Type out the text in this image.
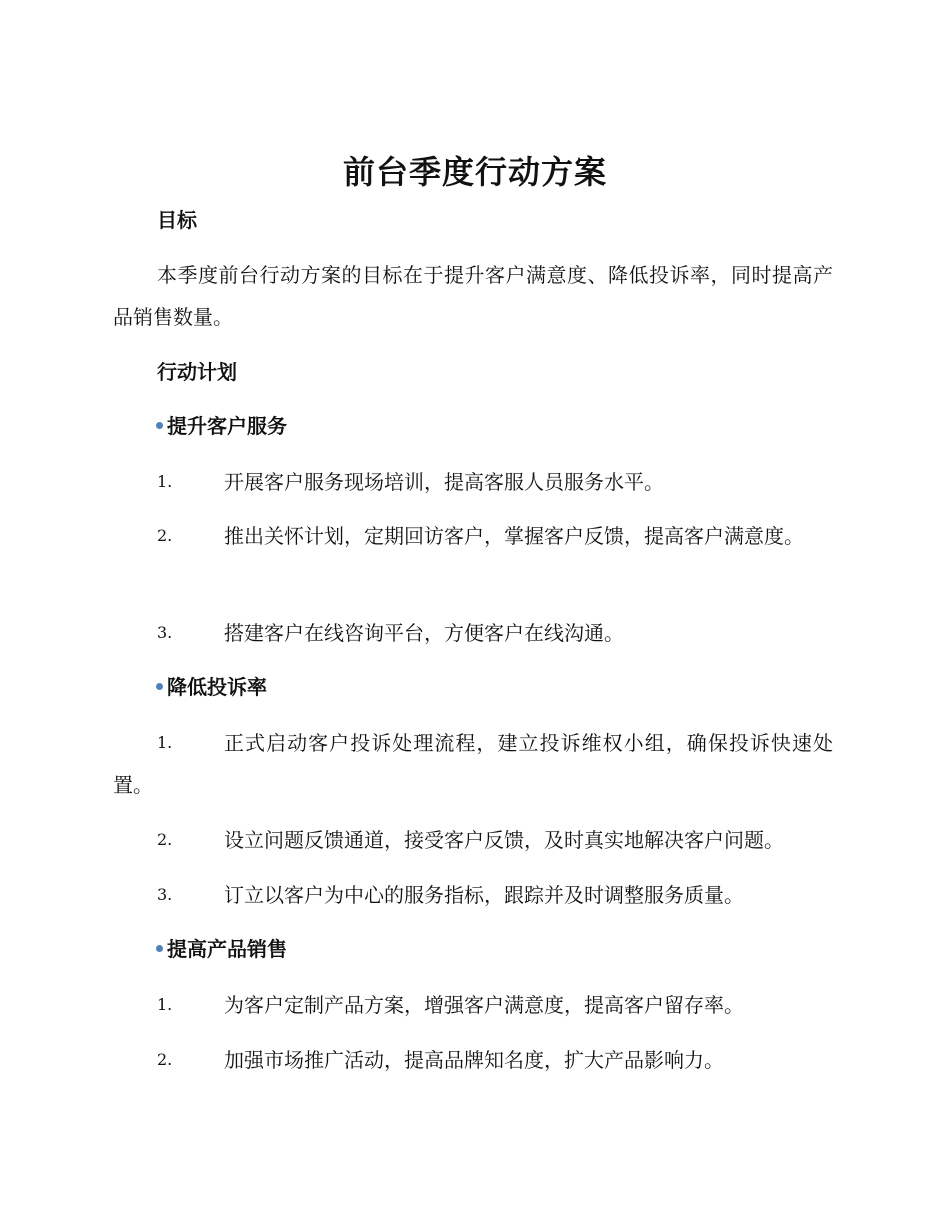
前台季度行动方案
目标
本季度前台行动方案的目标在于提升客户满意度、降低投诉率，同时提高产品销售数量。
行动计划
提升客户服务
1.	开展客户服务现场培训，提高客服人员服务水平。
2.	推出关怀计划，定期回访客户，掌握客户反馈，提高客户满意度。
3.	搭建客户在线咨询平台，方便客户在线沟通。
降低投诉率
1.	正式启动客户投诉处理流程，建立投诉维权小组，确保投诉快速处置。
2.	设立问题反馈通道，接受客户反馈，及时真实地解决客户问题。
3.	订立以客户为中心的服务指标，跟踪并及时调整服务质量。
提高产品销售
1.	为客户定制产品方案，增强客户满意度，提高客户留存率。
2.	加强市场推广活动，提高品牌知名度，扩大产品影响力。
